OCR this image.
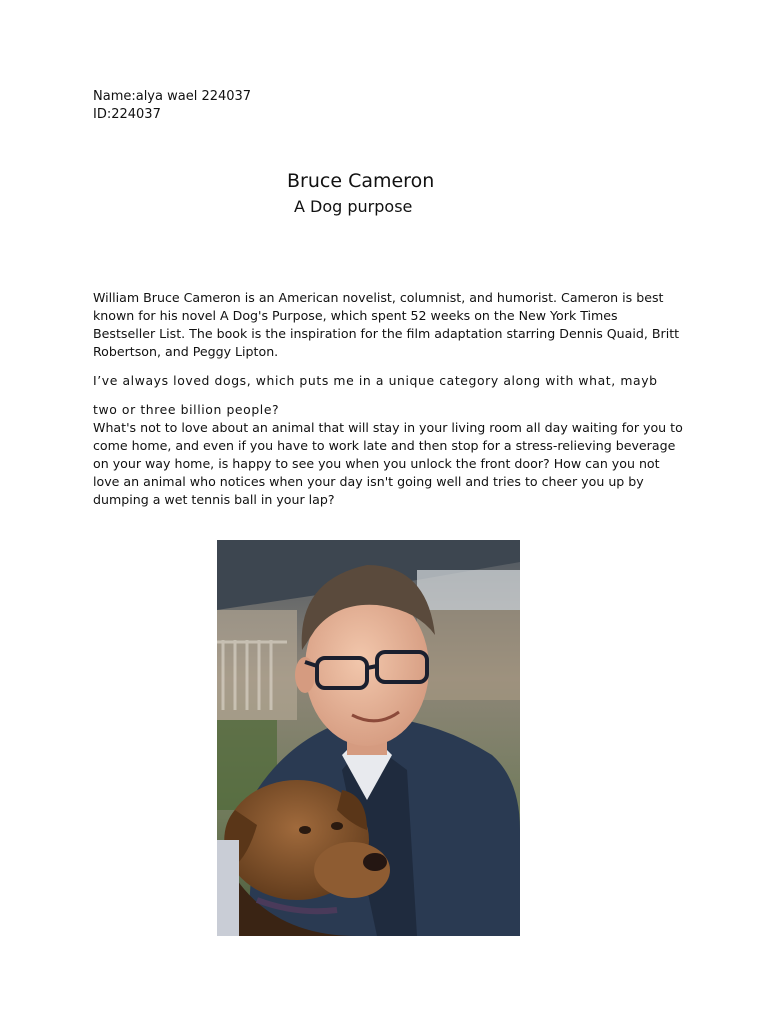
Name:alya wael 224037
ID:224037
Bruce Cameron
A Dog purpose

William Bruce Cameron is an American novelist, columnist, and humorist. Cameron is best known for his novel A Dog's Purpose, which spent 52 weeks on the New York Times Bestseller List. The book is the inspiration for the film adaptation starring Dennis Quaid, Britt Robertson, and Peggy Lipton.

I’ve always loved dogs, which puts me in a unique category along with what, mayb

two or three billion people?
What's not to love about an animal that will stay in your living room all day waiting for you to come home, and even if you have to work late and then stop for a stress-relieving beverage on your way home, is happy to see you when you unlock the front door? How can you not love an animal who notices when your day isn't going well and tries to cheer you up by dumping a wet tennis ball in your lap?
